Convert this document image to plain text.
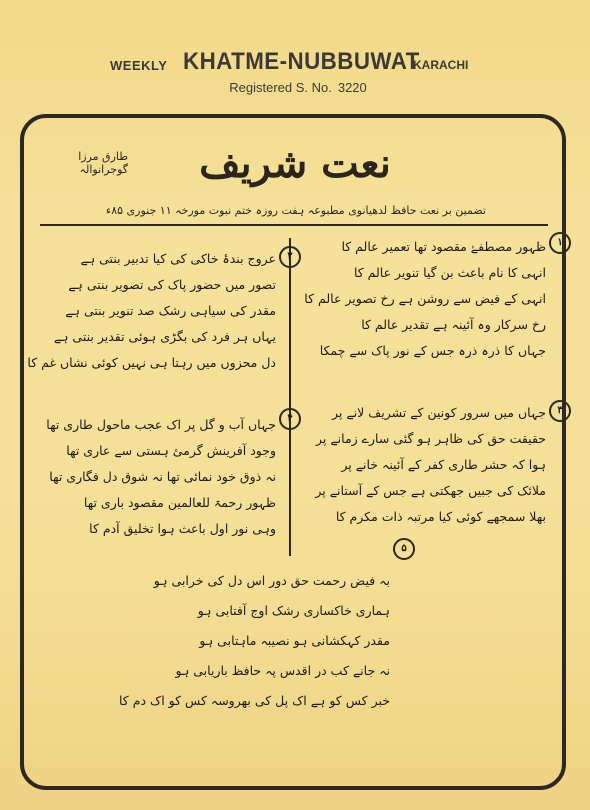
WEEKLY KHATME-NUBBUWAT
KARACHI
Registered S. No. 3220
نعت شریف
طارق مرزا گوجرانوالہ
تضمین بر نعت حافظ لدھیانوی مطبوعہ ہفت روزہ ختم نبوت مورخہ ۱۱ جنوری ۸۵ء
۱
ظہور مصطفےٰ مقصود تھا تعمیر عالم کا
انہی کا نام باعث بن گیا تنویر عالم کا
انہی کے فیض سے روشن ہے رخ تصویر عالم کا
رخ سرکار وہ آئینہ ہے تقدیر عالم کا
جہاں کا ذرہ ذرہ جس کے نور پاک سے چمکا
۲
عروج بندۂ خاکی کی کیا تدبیر بنتی ہے
تصور میں حضور پاک کی تصویر بنتی ہے
مقدر کی سیاہی رشک صد تنویر بنتی ہے
یہاں ہر فرد کی بگڑی ہوئی تقدیر بنتی ہے
دل محزوں میں رہتا ہی نہیں کوئی نشاں غم کا
۳
جہاں میں سرور کونین کے تشریف لانے پر
حقیقت حق کی ظاہر ہو گئی سارے زمانے پر
ہوا کہ حشر طاری کفر کے آئینہ خانے پر
ملائک کی جبیں جھکتی ہے جس کے آستانے پر
بھلا سمجھے کوئی کیا مرتبہ ذات مکرم کا
۴
جہاں آب و گل پر اک عجب ماحول طاری تھا
وجود آفرینش گرمئ ہستی سے عاری تھا
نہ ذوق خود نمائی تھا نہ شوق دل فگاری تھا
ظہور رحمۃ للعالمین مقصود باری تھا
وہی نور اول باعث ہوا تخلیق آدم کا
۵
بہ فیض رحمت حق دور اس دل کی خرابی ہو
ہماری خاکساری رشک اوج آفتابی ہو
مقدر کہکشانی ہو نصیبہ ماہتابی ہو
نہ جانے کب در اقدس پہ حافظ باریابی ہو
خبر کس کو ہے اک پل کی بھروسہ کس کو اک دم کا
